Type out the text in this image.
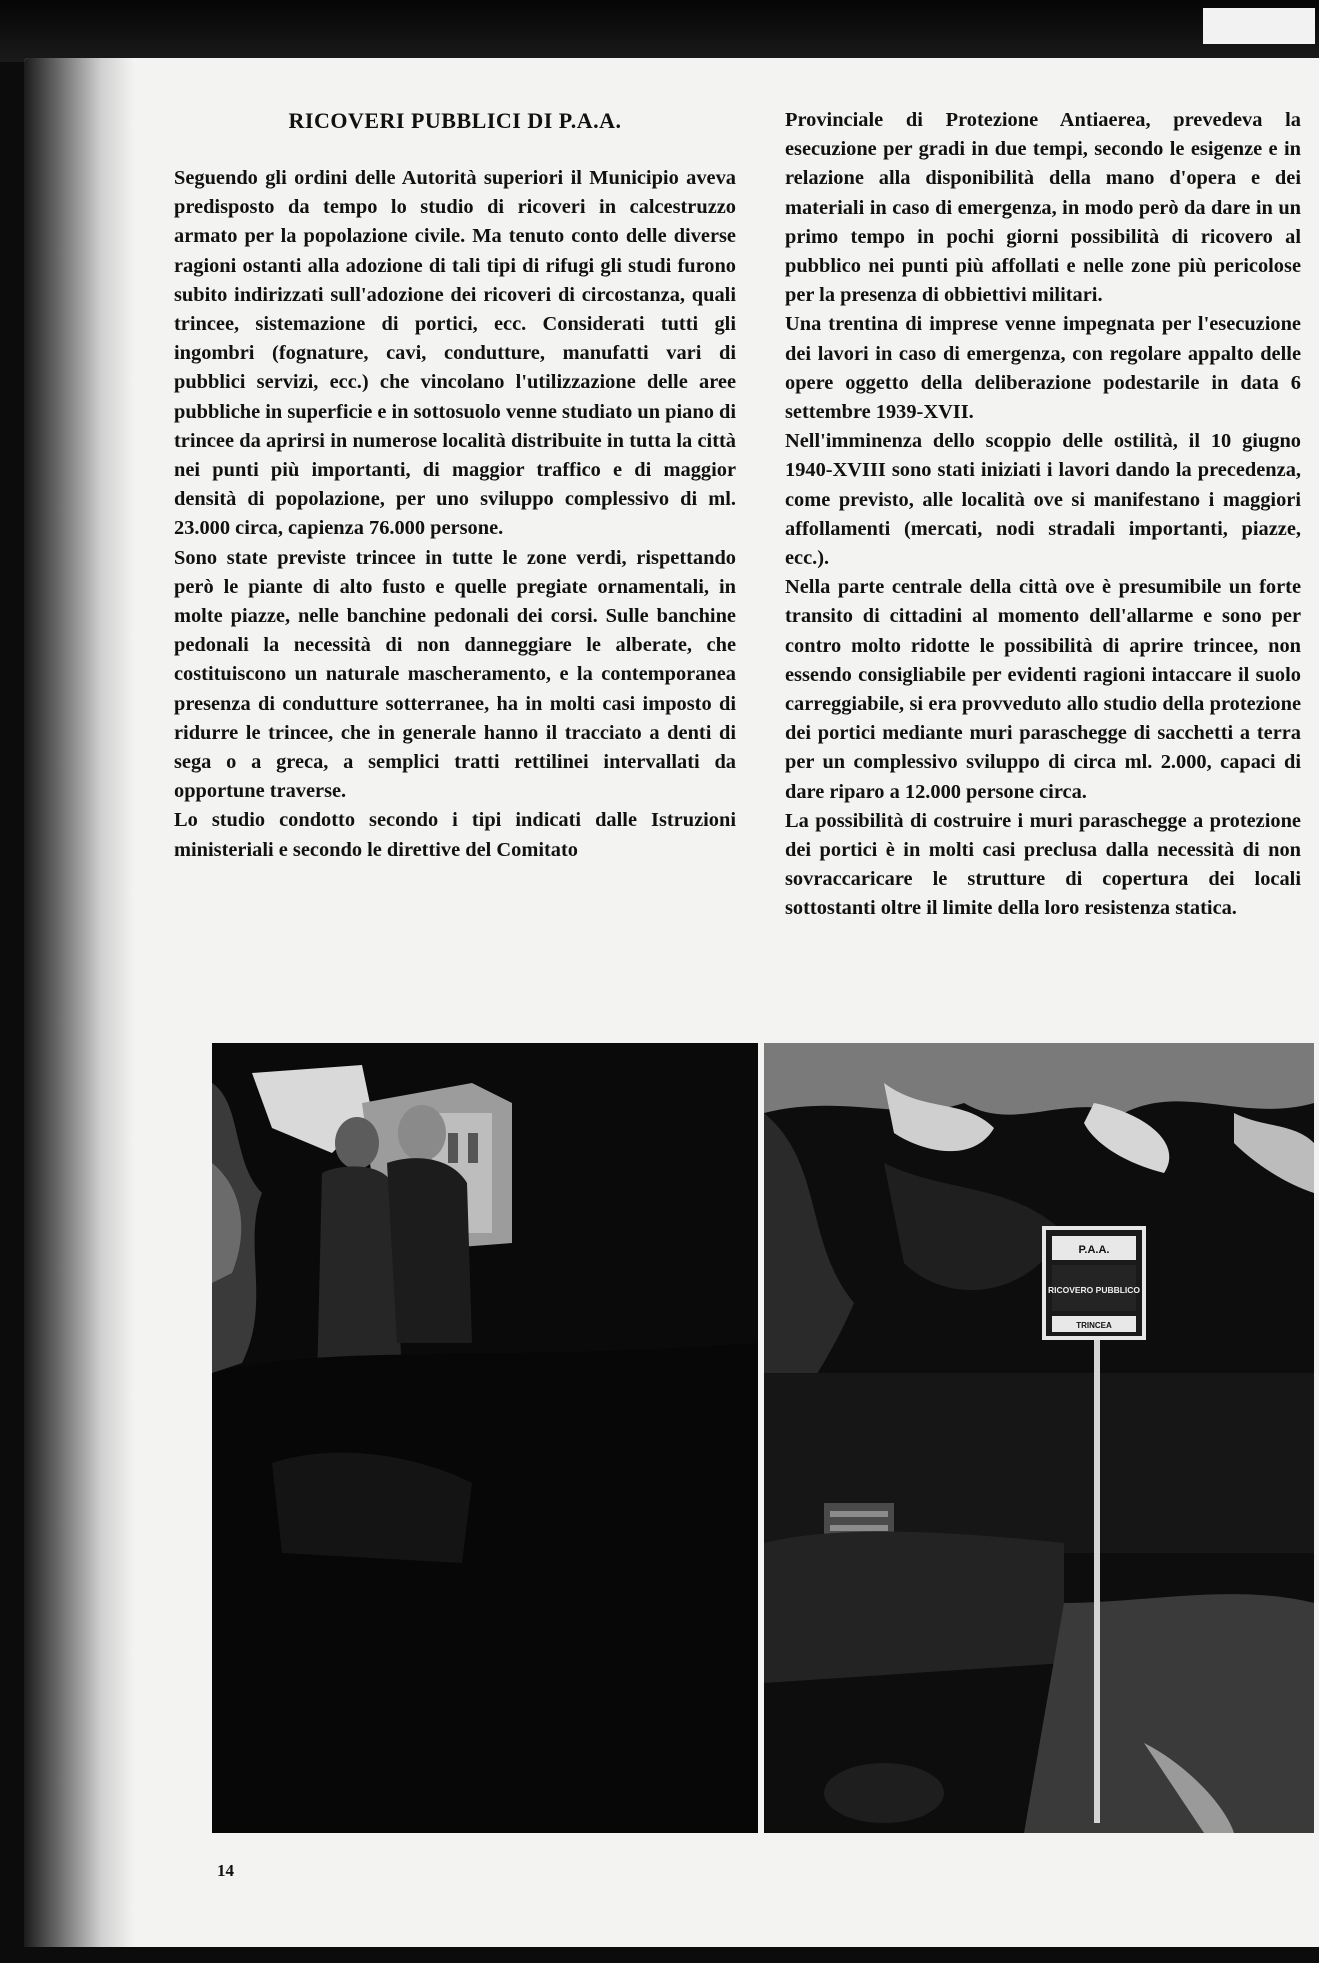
RICOVERI PUBBLICI DI P.A.A.

Seguendo gli ordini delle Autorità superiori il Municipio aveva predisposto da tempo lo studio di ricoveri in calcestruzzo armato per la popolazione civile. Ma tenuto conto delle diverse ragioni ostanti alla adozione di tali tipi di rifugi gli studi furono subito indirizzati sull'adozione dei ricoveri di circostanza, quali trincee, sistemazione di portici, ecc. Considerati tutti gli ingombri (fognature, cavi, condutture, manufatti vari di pubblici servizi, ecc.) che vincolano l'utilizzazione delle aree pubbliche in superficie e in sottosuolo venne studiato un piano di trincee da aprirsi in numerose località distribuite in tutta la città nei punti più importanti, di maggior traffico e di maggior densità di popolazione, per uno sviluppo complessivo di ml. 23.000 circa, capienza 76.000 persone.

Sono state previste trincee in tutte le zone verdi, rispettando però le piante di alto fusto e quelle pregiate ornamentali, in molte piazze, nelle banchine pedonali dei corsi. Sulle banchine pedonali la necessità di non danneggiare le alberate, che costituiscono un naturale mascheramento, e la contemporanea presenza di condutture sotterranee, ha in molti casi imposto di ridurre le trincee, che in generale hanno il tracciato a denti di sega o a greca, a semplici tratti rettilinei intervallati da opportune traverse.

Lo studio condotto secondo i tipi indicati dalle Istruzioni ministeriali e secondo le direttive del Comitato

Provinciale di Protezione Antiaerea, prevedeva la esecuzione per gradi in due tempi, secondo le esigenze e in relazione alla disponibilità della mano d'opera e dei materiali in caso di emergenza, in modo però da dare in un primo tempo in pochi giorni possibilità di ricovero al pubblico nei punti più affollati e nelle zone più pericolose per la presenza di obbiettivi militari.

Una trentina di imprese venne impegnata per l'esecuzione dei lavori in caso di emergenza, con regolare appalto delle opere oggetto della deliberazione podestarile in data 6 settembre 1939-XVII.

Nell'imminenza dello scoppio delle ostilità, il 10 giugno 1940-XVIII sono stati iniziati i lavori dando la precedenza, come previsto, alle località ove si manifestano i maggiori affollamenti (mercati, nodi stradali importanti, piazze, ecc.).

Nella parte centrale della città ove è presumibile un forte transito di cittadini al momento dell'allarme e sono per contro molto ridotte le possibilità di aprire trincee, non essendo consigliabile per evidenti ragioni intaccare il suolo carreggiabile, si era provveduto allo studio della protezione dei portici mediante muri paraschegge di sacchetti a terra per un complessivo sviluppo di circa ml. 2.000, capaci di dare riparo a 12.000 persone circa.

La possibilità di costruire i muri paraschegge a protezione dei portici è in molti casi preclusa dalla necessità di non sovraccaricare le strutture di copertura dei locali sottostanti oltre il limite della loro resistenza statica.

P.A.A.
RICOVERO PUBBLICO
TRINCEA
14
